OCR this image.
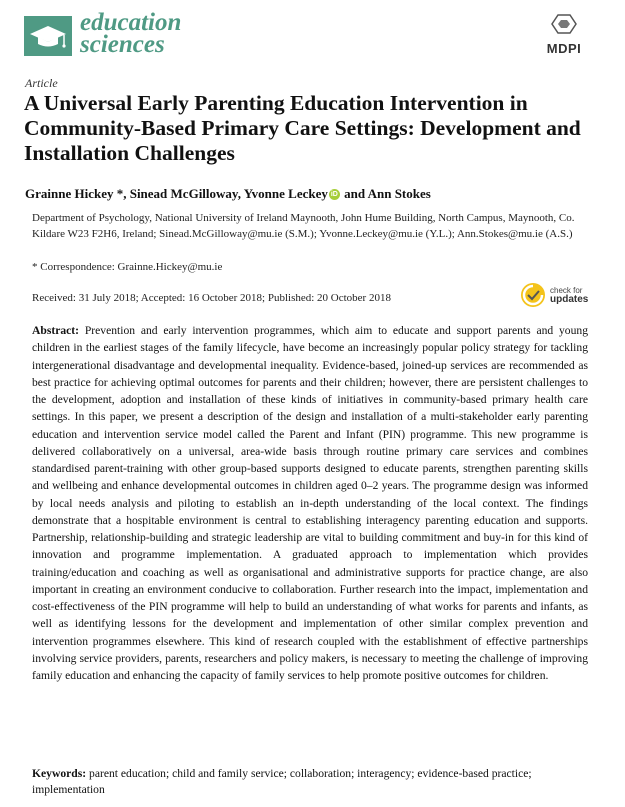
education
sciences	MDPI
Article
A Universal Early Parenting Education Intervention in Community-Based Primary Care Settings: Development and Installation Challenges
Grainne Hickey *, Sinead McGilloway, Yvonne Leckey iD and Ann Stokes
Department of Psychology, National University of Ireland Maynooth, John Hume Building, North Campus, Maynooth, Co. Kildare W23 F2H6, Ireland; Sinead.McGilloway@mu.ie (S.M.); Yvonne.Leckey@mu.ie (Y.L.); Ann.Stokes@mu.ie (A.S.)
* Correspondence: Grainne.Hickey@mu.ie
Received: 31 July 2018; Accepted: 16 October 2018; Published: 20 October 2018
check for
updates

Abstract: Prevention and early intervention programmes, which aim to educate and support parents and young children in the earliest stages of the family lifecycle, have become an increasingly popular policy strategy for tackling intergenerational disadvantage and developmental inequality. Evidence-based, joined-up services are recommended as best practice for achieving optimal outcomes for parents and their children; however, there are persistent challenges to the development, adoption and installation of these kinds of initiatives in community-based primary health care settings. In this paper, we present a description of the design and installation of a multi-stakeholder early parenting education and intervention service model called the Parent and Infant (PIN) programme. This new programme is delivered collaboratively on a universal, area-wide basis through routine primary care services and combines standardised parent-training with other group-based supports designed to educate parents, strengthen parenting skills and wellbeing and enhance developmental outcomes in children aged 0–2 years. The programme design was informed by local needs analysis and piloting to establish an in-depth understanding of the local context. The findings demonstrate that a hospitable environment is central to establishing interagency parenting education and supports. Partnership, relationship-building and strategic leadership are vital to building commitment and buy-in for this kind of innovation and programme implementation. A graduated approach to implementation which provides training/education and coaching as well as organisational and administrative supports for practice change, are also important in creating an environment conducive to collaboration. Further research into the impact, implementation and cost-effectiveness of the PIN programme will help to build an understanding of what works for parents and infants, as well as identifying lessons for the development and implementation of other similar complex prevention and intervention programmes elsewhere. This kind of research coupled with the establishment of effective partnerships involving service providers, parents, researchers and policy makers, is necessary to meeting the challenge of improving family education and enhancing the capacity of family services to help promote positive outcomes for children.

Keywords: parent education; child and family service; collaboration; interagency; evidence-based practice; implementation
